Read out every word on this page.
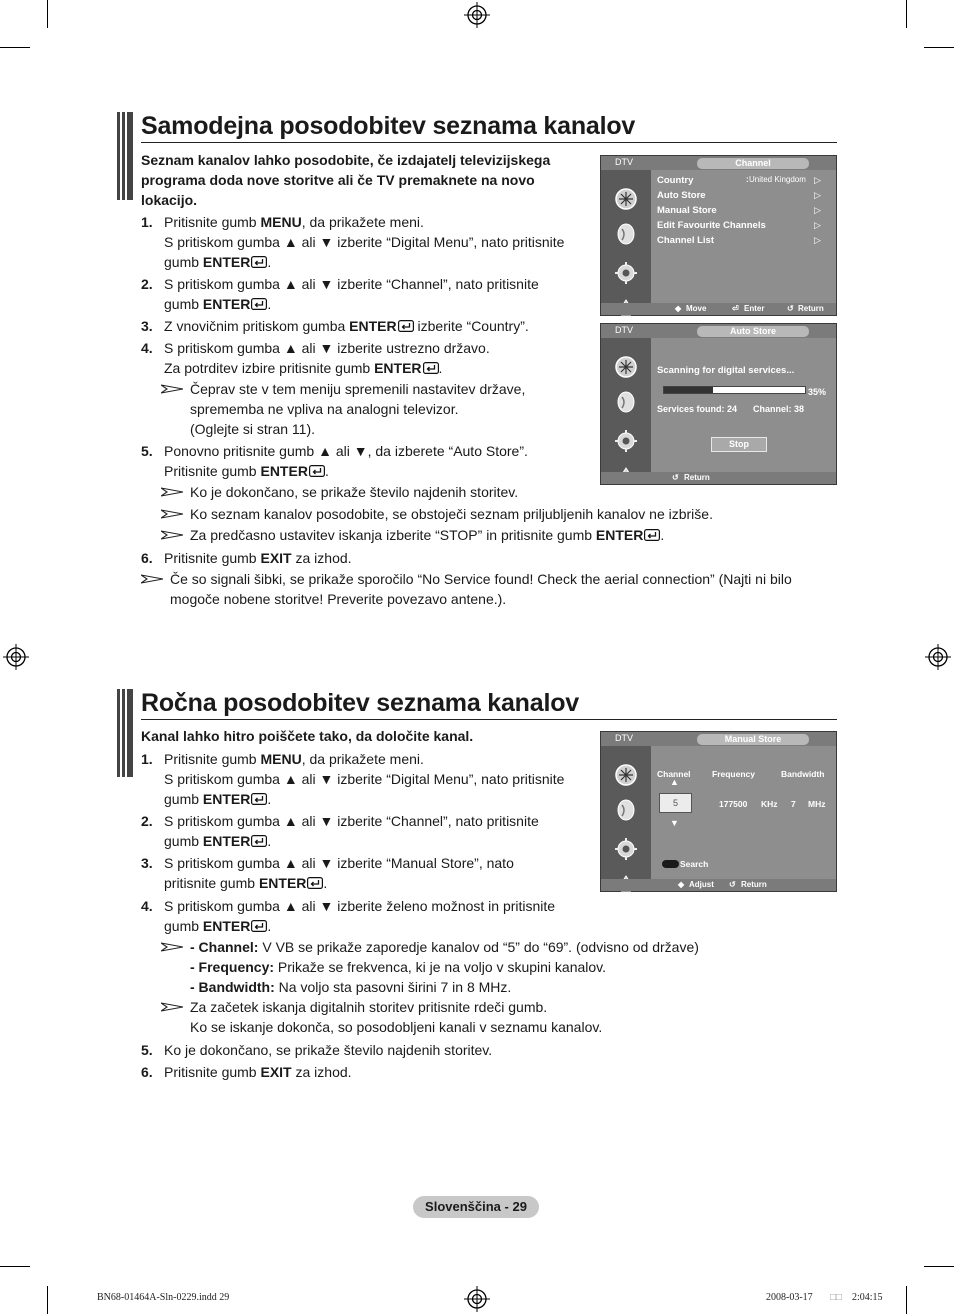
Samodejna posodobitev seznama kanalov
Seznam kanalov lahko posodobite, če izdajatelj televizijskega
programa doda nove storitve ali če TV premaknete na novo
lokacijo.
1. Pritisnite gumb MENU, da prikažete meni.
S pritiskom gumba ▲ ali ▼ izberite “Digital Menu”, nato pritisnite
gumb ENTER .
2. S pritiskom gumba ▲ ali ▼ izberite “Channel”, nato pritisnite
gumb ENTER .
3. Z vnovičnim pritiskom gumba ENTER izberite “Country”.
4. S pritiskom gumba ▲ ali ▼ izberite ustrezno državo.
Za potrditev izbire pritisnite gumb ENTER .
Čeprav ste v tem meniju spremenili nastavitev države,
sprememba ne vpliva na analogni televizor.
(Oglejte si stran 11).
5. Ponovno pritisnite gumb ▲ ali ▼, da izberete “Auto Store”.
Pritisnite gumb ENTER .
Ko je dokončano, se prikaže število najdenih storitev.
Ko seznam kanalov posodobite, se obstoječi seznam priljubljenih kanalov ne izbriše.
Za predčasno ustavitev iskanja izberite “STOP” in pritisnite gumb ENTER .
6. Pritisnite gumb EXIT za izhod.
Če so signali šibki, se prikaže sporočilo “No Service found! Check the aerial connection” (Najti ni bilo
mogoče nobene storitve! Preverite povezavo antene.).
DTV	Channel
Country	United Kingdom
:	▷
Auto Store	▷
Manual Store	▷
Edit Favourite Channels	▷
Channel List	▷
◆ Move	⏎ Enter	↺ Return
DTV	Auto Store
Scanning for digital services...
35%
Services found: 24 Channel: 38
Stop
↺ Return
Ročna posodobitev seznama kanalov
Kanal lahko hitro poiščete tako, da določite kanal.
1. Pritisnite gumb MENU, da prikažete meni.
S pritiskom gumba ▲ ali ▼ izberite “Digital Menu”, nato pritisnite
gumb ENTER .
2. S pritiskom gumba ▲ ali ▼ izberite “Channel”, nato pritisnite
gumb ENTER .
3. S pritiskom gumba ▲ ali ▼ izberite “Manual Store”, nato
pritisnite gumb ENTER .
4. S pritiskom gumba ▲ ali ▼ izberite želeno možnost in pritisnite
gumb ENTER .
- Channel: V VB se prikaže zaporedje kanalov od “5” do “69”. (odvisno od države)
- Frequency: Prikaže se frekvenca, ki je na voljo v skupini kanalov.
- Bandwidth: Na voljo sta pasovni širini 7 in 8 MHz.
Za začetek iskanja digitalnih storitev pritisnite rdeči gumb.
Ko se iskanje dokonča, so posodobljeni kanali v seznamu kanalov.
5. Ko je dokončano, se prikaže število najdenih storitev.
6. Pritisnite gumb EXIT za izhod.
DTV	Manual Store
Channel	Frequency	Bandwidth
▲
5
▼
177500 KHz 7 MHz
Search
◆ Adjust ↺ Return
Slovenščina - 29
BN68-01464A-Sln-0229.indd 29	2008-03-17 □□ 2:04:15
